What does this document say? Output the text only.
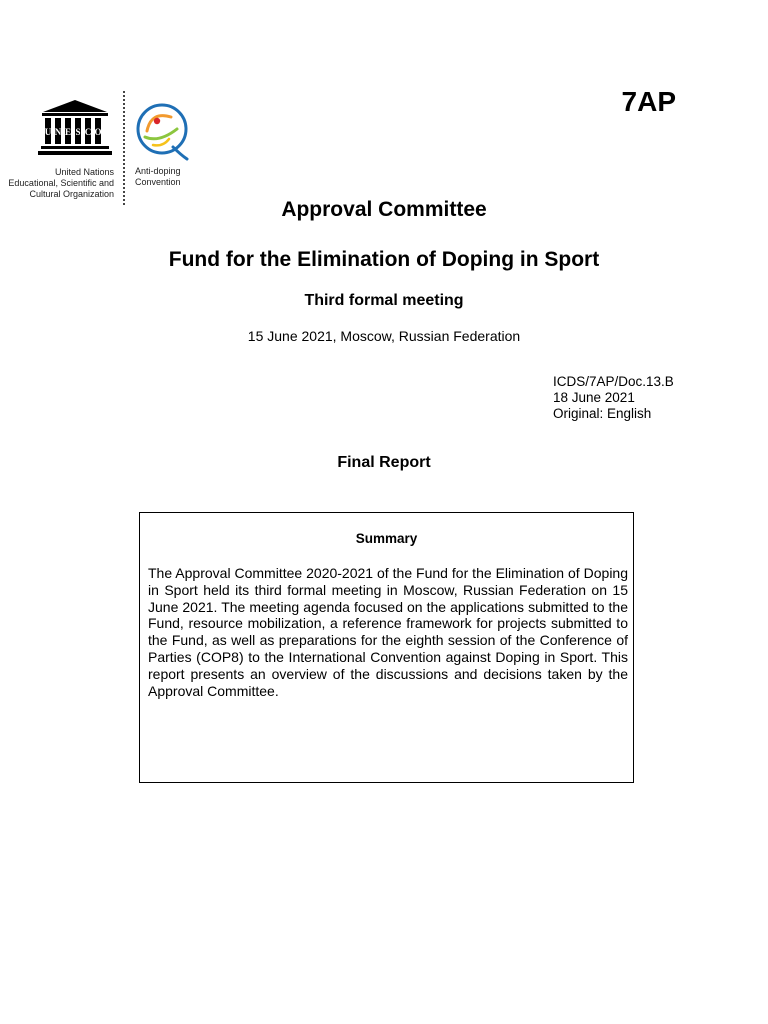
U N E S C O
United Nations
Educational, Scientific and
Cultural Organization
Anti-doping
Convention
7AP
Approval Committee
Fund for the Elimination of Doping in Sport
Third formal meeting
15 June 2021, Moscow, Russian Federation
ICDS/7AP/Doc.13.B
18 June 2021
Original: English
Final Report
Summary
The Approval Committee 2020-2021 of the Fund for the Elimination of Doping in Sport held its third formal meeting in Moscow, Russian Federation on 15 June 2021. The meeting agenda focused on the applications submitted to the Fund, resource mobilization, a reference framework for projects submitted to the Fund, as well as preparations for the eighth session of the Conference of Parties (COP8) to the International Convention against Doping in Sport. This report presents an overview of the discussions and decisions taken by the Approval Committee.
